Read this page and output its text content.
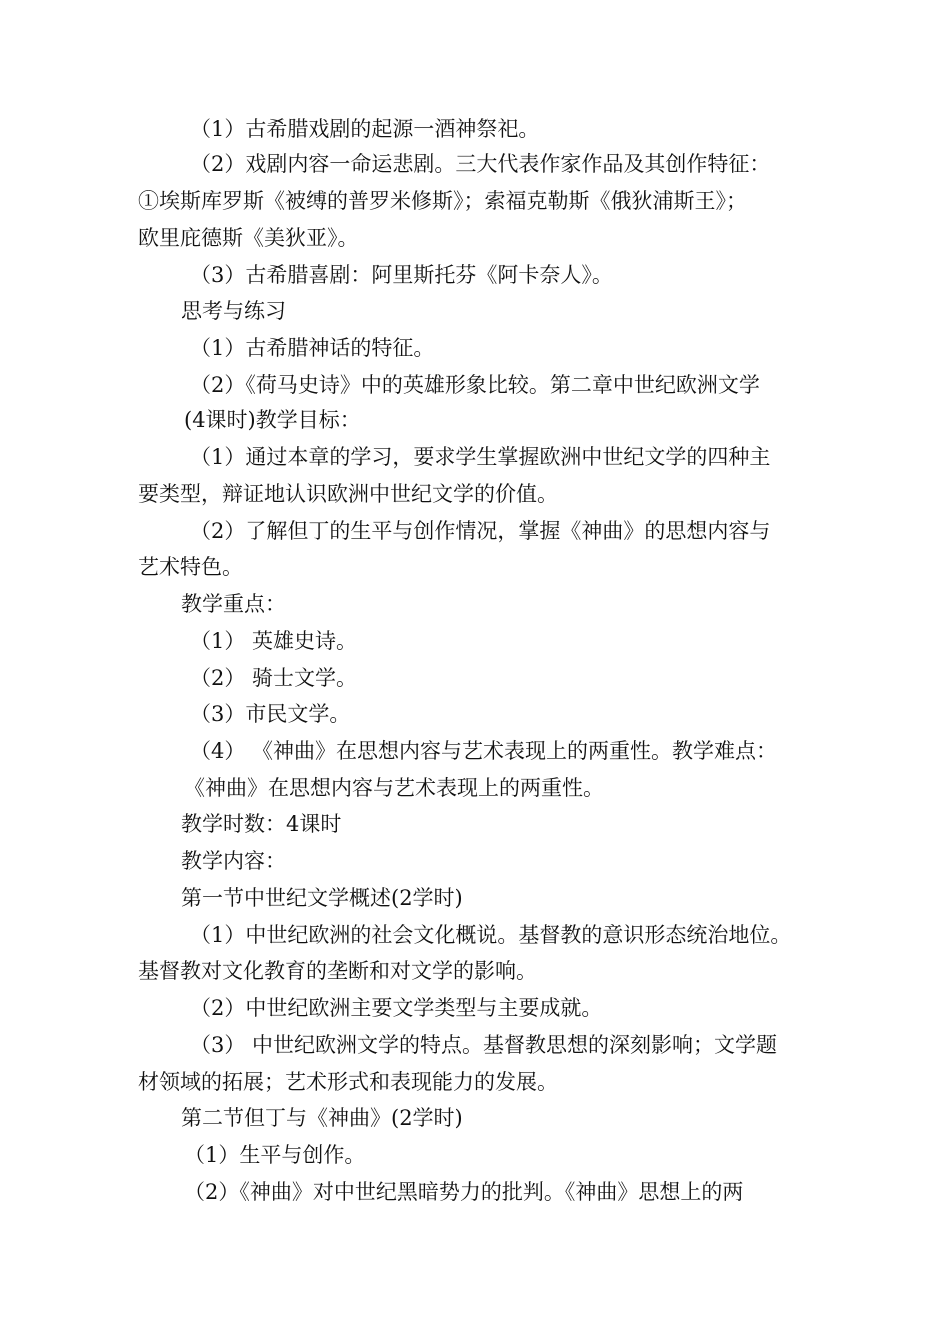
（1）古希腊戏剧的起源一酒神祭祀。
（2）戏剧内容一命运悲剧。三大代表作家作品及其创作特征：
①埃斯库罗斯《被缚的普罗米修斯》；索福克勒斯《俄狄浦斯王》；
欧里庇德斯《美狄亚》。
（3）古希腊喜剧：阿里斯托芬《阿卡奈人》。
思考与练习
（1）古希腊神话的特征。
（2）《荷马史诗》中的英雄形象比较。第二章中世纪欧洲文学
(4课时)教学目标：
（1）通过本章的学习，要求学生掌握欧洲中世纪文学的四种主
要类型，辩证地认识欧洲中世纪文学的价值。
（2）了解但丁的生平与创作情况，掌握《神曲》的思想内容与
艺术特色。
教学重点：
（1） 英雄史诗。
（2） 骑士文学。
（3）市民文学。
（4） 《神曲》在思想内容与艺术表现上的两重性。教学难点：
《神曲》在思想内容与艺术表现上的两重性。
教学时数：4课时
教学内容：
第一节中世纪文学概述(2学时)
（1）中世纪欧洲的社会文化概说。基督教的意识形态统治地位。
基督教对文化教育的垄断和对文学的影响。
（2）中世纪欧洲主要文学类型与主要成就。
（3） 中世纪欧洲文学的特点。基督教思想的深刻影响；文学题
材领域的拓展；艺术形式和表现能力的发展。
第二节但丁与《神曲》(2学时)
（1）生平与创作。
（2）《神曲》对中世纪黑暗势力的批判。《神曲》思想上的两
